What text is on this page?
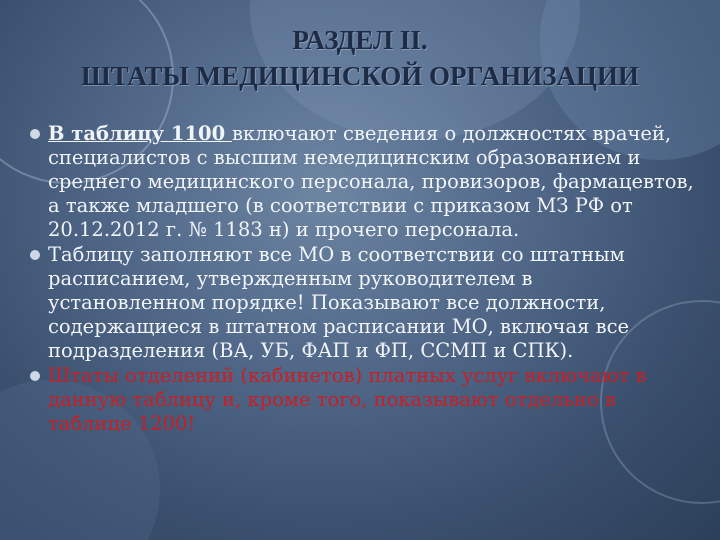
РАЗДЕЛ II.
ШТАТЫ МЕДИЦИНСКОЙ ОРГАНИЗАЦИИ
В таблицу 1100 включают сведения о должностях врачей, специалистов с высшим немедицинским образованием и среднего медицинского персонала, провизоров, фармацевтов, а также младшего (в соответствии с приказом МЗ РФ от 20.12.2012 г. № 1183 н) и прочего персонала.
Таблицу заполняют все МО в соответствии со штатным расписанием, утвержденным руководителем в установленном порядке! Показывают все должности, содержащиеся в штатном расписании МО, включая все подразделения (ВА, УБ, ФАП и ФП, ССМП и СПК).
Штаты отделений (кабинетов) платных услуг включают в данную таблицу и, кроме того, показывают отдельно в таблице 1200!
